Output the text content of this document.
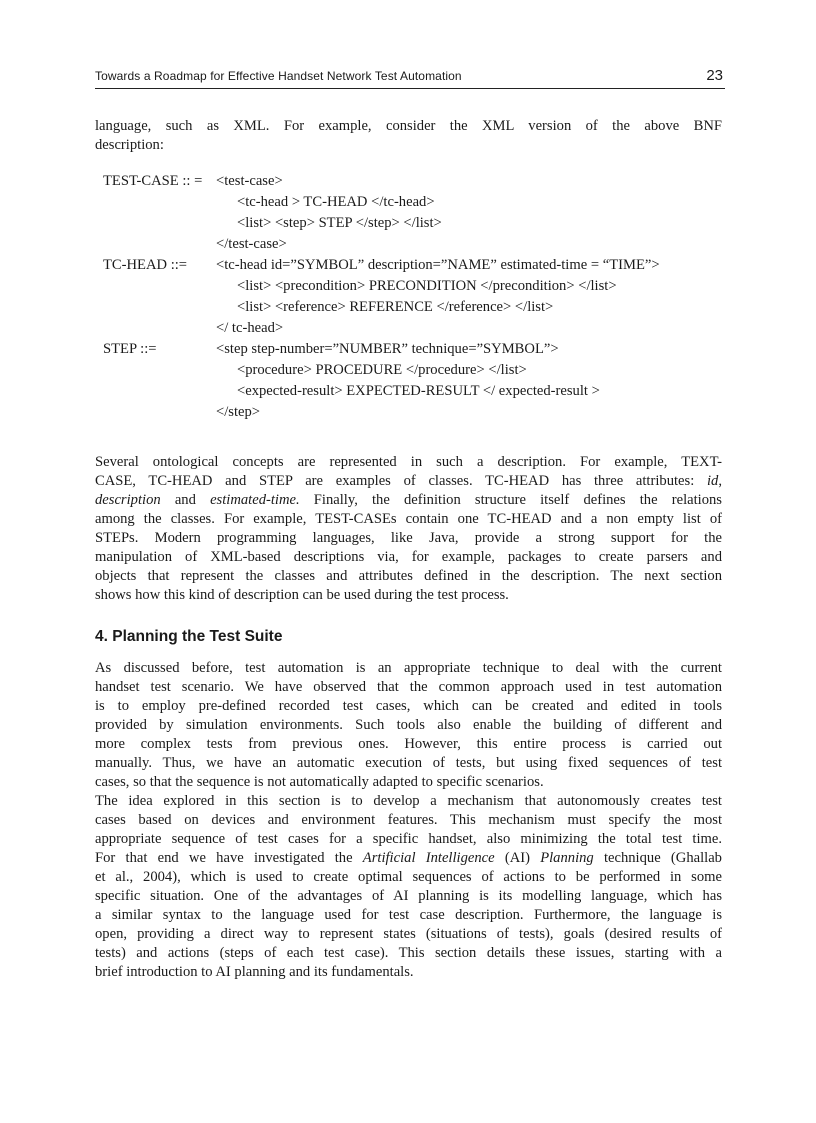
Towards a Roadmap for Effective Handset Network Test Automation	23
language, such as XML. For example, consider the XML version of the above BNF
description:
TEST-CASE :: = <test-case>
<tc-head > TC-HEAD </tc-head>
<list> <step> STEP </step> </list>
</test-case>
TC-HEAD ::= <tc-head id=”SYMBOL” description=”NAME” estimated-time = “TIME”>
<list> <precondition> PRECONDITION </precondition> </list>
<list> <reference> REFERENCE </reference> </list>
</ tc-head>
STEP ::=	<step step-number=”NUMBER” technique=”SYMBOL”>
<procedure> PROCEDURE </procedure> </list>
<expected-result> EXPECTED-RESULT </ expected-result >
</step>
Several ontological concepts are represented in such a description. For example, TEXT-
CASE, TC-HEAD and STEP are examples of classes. TC-HEAD has three attributes: id,
description and estimated-time. Finally, the definition structure itself defines the relations
among the classes. For example, TEST-CASEs contain one TC-HEAD and a non empty list of
STEPs. Modern programming languages, like Java, provide a strong support for the
manipulation of XML-based descriptions via, for example, packages to create parsers and
objects that represent the classes and attributes defined in the description. The next section
shows how this kind of description can be used during the test process.
4. Planning the Test Suite
As discussed before, test automation is an appropriate technique to deal with the current
handset test scenario. We have observed that the common approach used in test automation
is to employ pre-defined recorded test cases, which can be created and edited in tools
provided by simulation environments. Such tools also enable the building of different and
more complex tests from previous ones. However, this entire process is carried out
manually. Thus, we have an automatic execution of tests, but using fixed sequences of test
cases, so that the sequence is not automatically adapted to specific scenarios.
The idea explored in this section is to develop a mechanism that autonomously creates test
cases based on devices and environment features. This mechanism must specify the most
appropriate sequence of test cases for a specific handset, also minimizing the total test time.
For that end we have investigated the Artificial Intelligence (AI) Planning technique (Ghallab
et al., 2004), which is used to create optimal sequences of actions to be performed in some
specific situation. One of the advantages of AI planning is its modelling language, which has
a similar syntax to the language used for test case description. Furthermore, the language is
open, providing a direct way to represent states (situations of tests), goals (desired results of
tests) and actions (steps of each test case). This section details these issues, starting with a
brief introduction to AI planning and its fundamentals.
